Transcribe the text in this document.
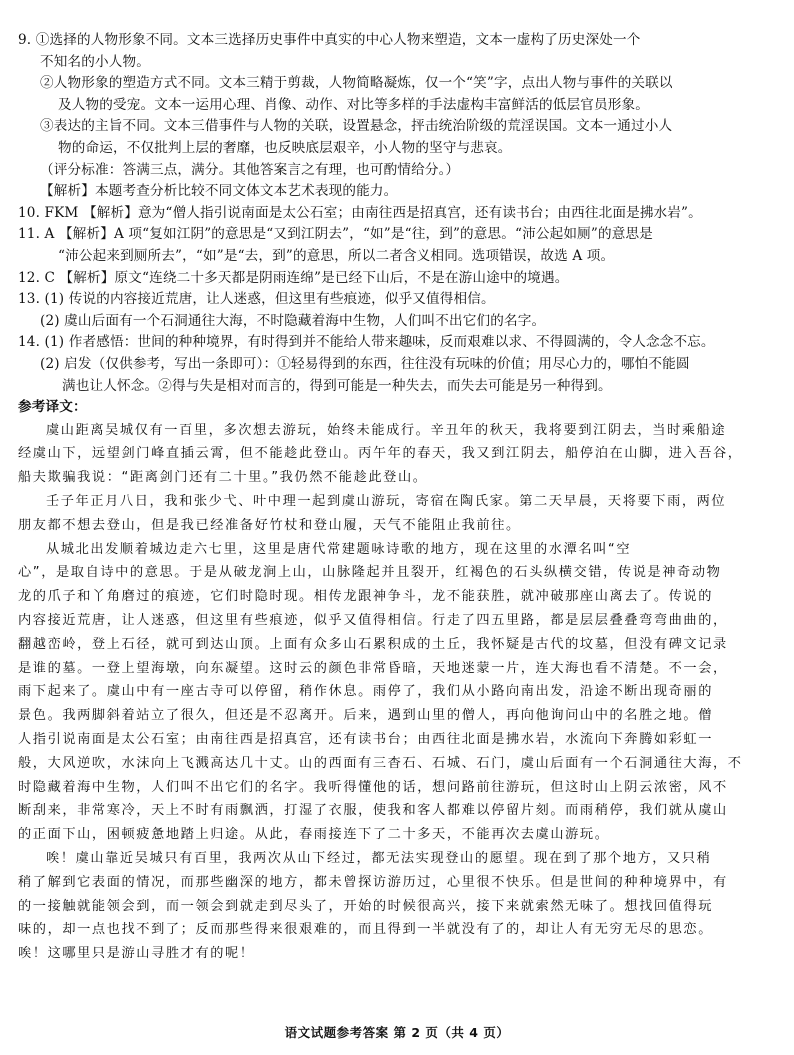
9. ①选择的人物形象不同。文本三选择历史事件中真实的中心人物来塑造，文本一虚构了历史深处一个

不知名的小人物。

②人物形象的塑造方式不同。文本三精于剪裁，人物简略凝炼，仅一个“笑”字，点出人物与事件的关联以

及人物的受宠。文本一运用心理、肖像、动作、对比等多样的手法虚构丰富鲜活的低层官员形象。

③表达的主旨不同。文本三借事件与人物的关联，设置悬念，抨击统治阶级的荒淫误国。文本一通过小人

物的命运，不仅批判上层的奢靡，也反映底层艰辛，小人物的坚守与悲哀。

（评分标准：答满三点，满分。其他答案言之有理，也可酌情给分。）

【解析】本题考查分析比较不同文体文本艺术表现的能力。

10. FKM 【解析】意为“僧人指引说南面是太公石室；由南往西是招真宫，还有读书台；由西往北面是拂水岩”。

11. A 【解析】A 项“复如江阴”的意思是“又到江阴去”，“如”是“往，到”的意思。“沛公起如厕”的意思是

“沛公起来到厕所去”，“如”是“去，到”的意思，所以二者含义相同。选项错误，故选 A 项。

12. C 【解析】原文“连绕二十多天都是阴雨连绵”是已经下山后，不是在游山途中的境遇。

13. (1) 传说的内容接近荒唐，让人迷惑，但这里有些痕迹，似乎又值得相信。

(2) 虞山后面有一个石洞通往大海，不时隐藏着海中生物，人们叫不出它们的名字。

14. (1) 作者感悟：世间的种种境界，有时得到并不能给人带来趣味，反而艰难以求、不得圆满的，令人念念不忘。

(2) 启发（仅供参考，写出一条即可）：①轻易得到的东西，往往没有玩味的价值；用尽心力的，哪怕不能圆

满也让人怀念。②得与失是相对而言的，得到可能是一种失去，而失去可能是另一种得到。

参考译文：

虞山距离吴城仅有一百里，多次想去游玩，始终未能成行。辛丑年的秋天，我将要到江阴去，当时乘船途

经虞山下，远望剑门峰直插云霄，但不能趁此登山。丙午年的春天，我又到江阴去，船停泊在山脚，进入吾谷，

船夫欺骗我说：“距离剑门还有二十里。”我仍然不能趁此登山。

壬子年正月八日，我和张少弋、叶中理一起到虞山游玩，寄宿在陶氏家。第二天早晨，天将要下雨，两位

朋友都不想去登山，但是我已经准备好竹杖和登山履，天气不能阻止我前往。

从城北出发顺着城边走六七里，这里是唐代常建题咏诗歌的地方，现在这里的水潭名叫“空

心”，是取自诗中的意思。于是从破龙涧上山，山脉隆起并且裂开，红褐色的石头纵横交错，传说是神奇动物

龙的爪子和丫角磨过的痕迹，它们时隐时现。相传龙跟神争斗，龙不能获胜，就冲破那座山离去了。传说的

内容接近荒唐，让人迷惑，但这里有些痕迹，似乎又值得相信。行走了四五里路，都是层层叠叠弯弯曲曲的，

翻越峦岭，登上石径，就可到达山顶。上面有众多山石累积成的土丘，我怀疑是古代的坟墓，但没有碑文记录

是谁的墓。一登上望海墩，向东凝望。这时云的颜色非常昏暗，天地迷蒙一片，连大海也看不清楚。不一会，

雨下起来了。虞山中有一座古寺可以停留，稍作休息。雨停了，我们从小路向南出发，沿途不断出现奇丽的

景色。我两脚斜着站立了很久，但还是不忍离开。后来，遇到山里的僧人，再向他询问山中的名胜之地。僧

人指引说南面是太公石室；由南往西是招真宫，还有读书台；由西往北面是拂水岩，水流向下奔腾如彩虹一

般，大风逆吹，水沫向上飞溅高达几十丈。山的西面有三杳石、石城、石门，虞山后面有一个石洞通往大海，不

时隐藏着海中生物，人们叫不出它们的名字。我听得懂他的话，想问路前往游玩，但这时山上阴云浓密，风不

断刮来，非常寒冷，天上不时有雨飘洒，打湿了衣服，使我和客人都难以停留片刻。而雨稍停，我们就从虞山

的正面下山，困顿疲惫地踏上归途。从此，春雨接连下了二十多天，不能再次去虞山游玩。

唉！虞山靠近吴城只有百里，我两次从山下经过，都无法实现登山的愿望。现在到了那个地方，又只稍

稍了解到它表面的情况，而那些幽深的地方，都未曾探访游历过，心里很不快乐。但是世间的种种境界中，有

的一接触就能领会到，而一领会到就走到尽头了，开始的时候很高兴，接下来就索然无味了。想找回值得玩

味的，却一点也找不到了；反而那些得来很艰难的，而且得到一半就没有了的，却让人有无穷无尽的思恋。

唉！这哪里只是游山寻胜才有的呢！

语文试题参考答案 第 2 页（共 4 页）
